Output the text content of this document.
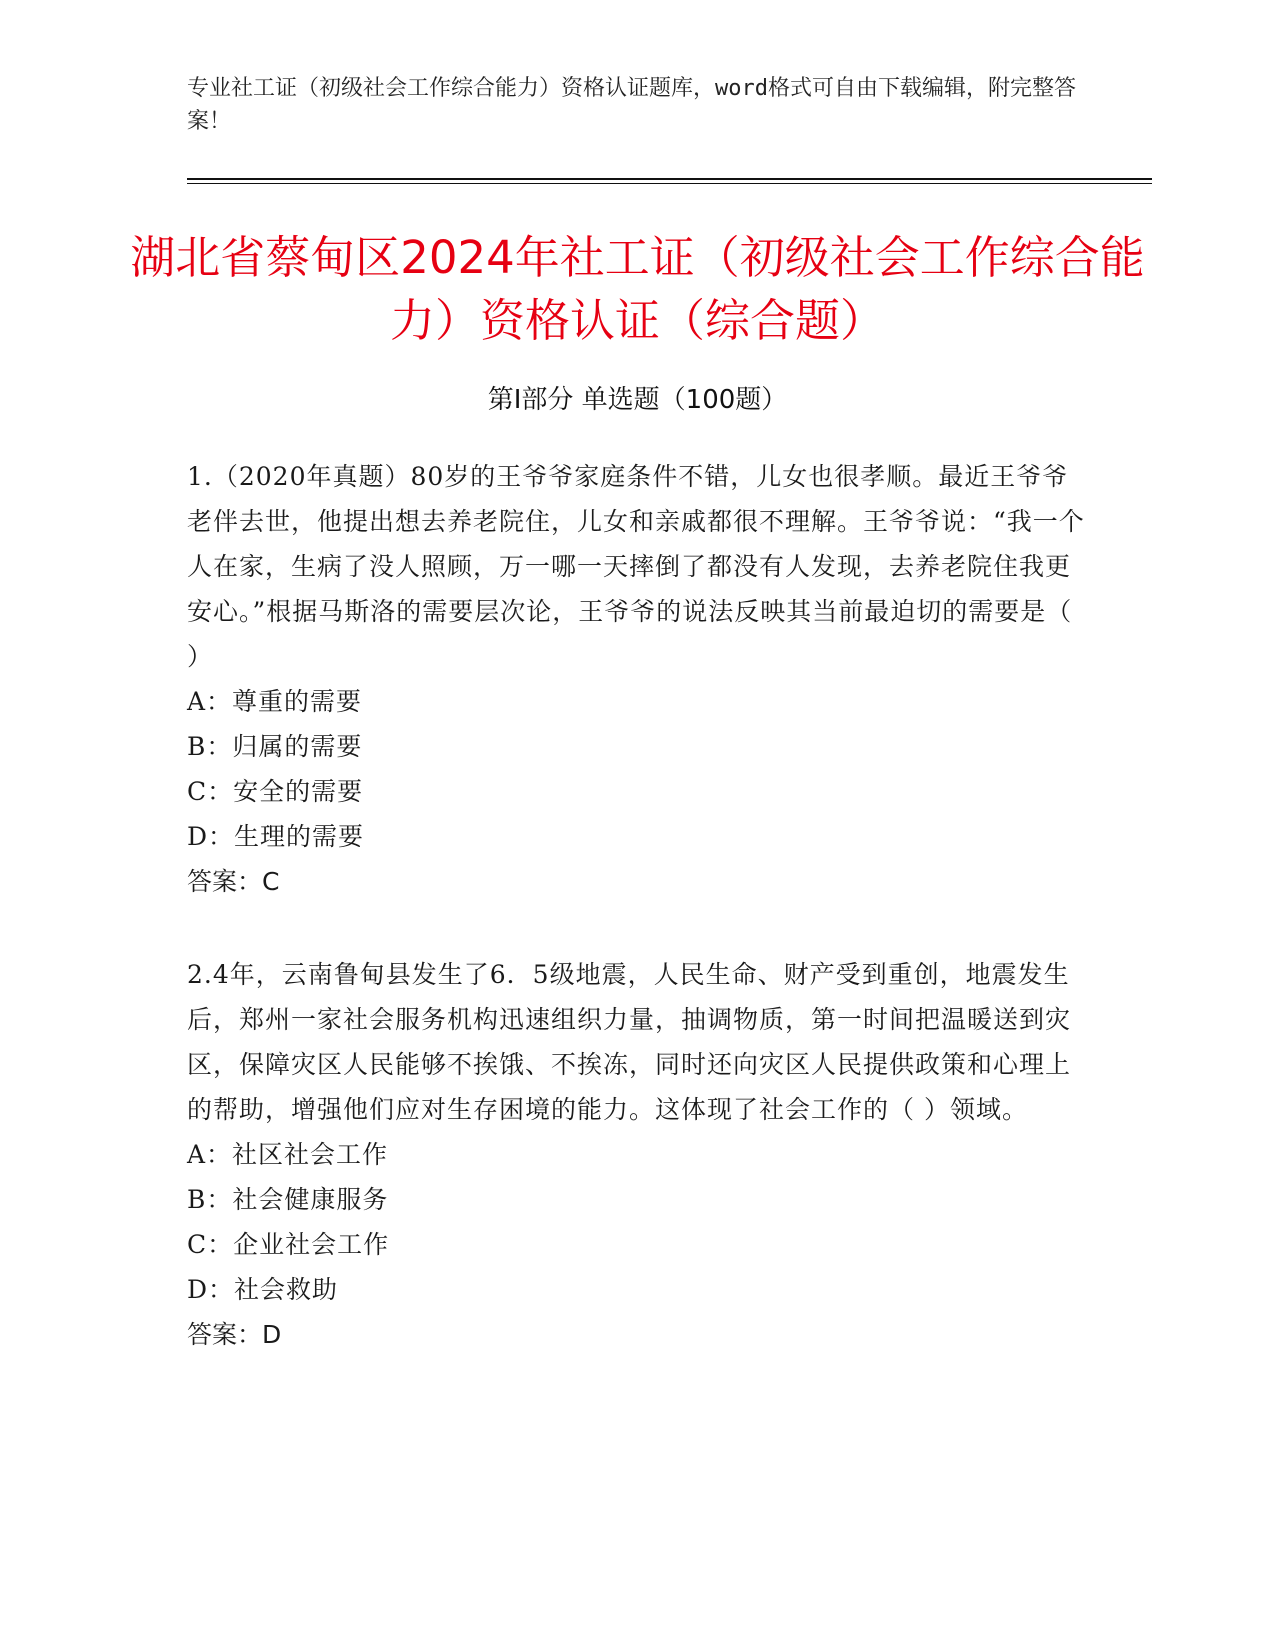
专业社工证（初级社会工作综合能力）资格认证题库，word格式可自由下载编辑，附完整答案！
湖北省蔡甸区2024年社工证（初级社会工作综合能力）资格认证（综合题）
第Ⅰ部分 单选题（100题）
1.（2020年真题）80岁的王爷爷家庭条件不错，儿女也很孝顺。最近王爷爷老伴去世，他提出想去养老院住，儿女和亲戚都很不理解。王爷爷说：“我一个人在家，生病了没人照顾，万一哪一天摔倒了都没有人发现，去养老院住我更安心。”根据马斯洛的需要层次论，王爷爷的说法反映其当前最迫切的需要是（　　）
A：尊重的需要
B：归属的需要
C：安全的需要
D：生理的需要
答案：C
2.4年，云南鲁甸县发生了6．5级地震，人民生命、财产受到重创，地震发生后，郑州一家社会服务机构迅速组织力量，抽调物质，第一时间把温暖送到灾区，保障灾区人民能够不挨饿、不挨冻，同时还向灾区人民提供政策和心理上的帮助，增强他们应对生存困境的能力。这体现了社会工作的（ ）领域。
A：社区社会工作
B：社会健康服务
C：企业社会工作
D：社会救助
答案：D
